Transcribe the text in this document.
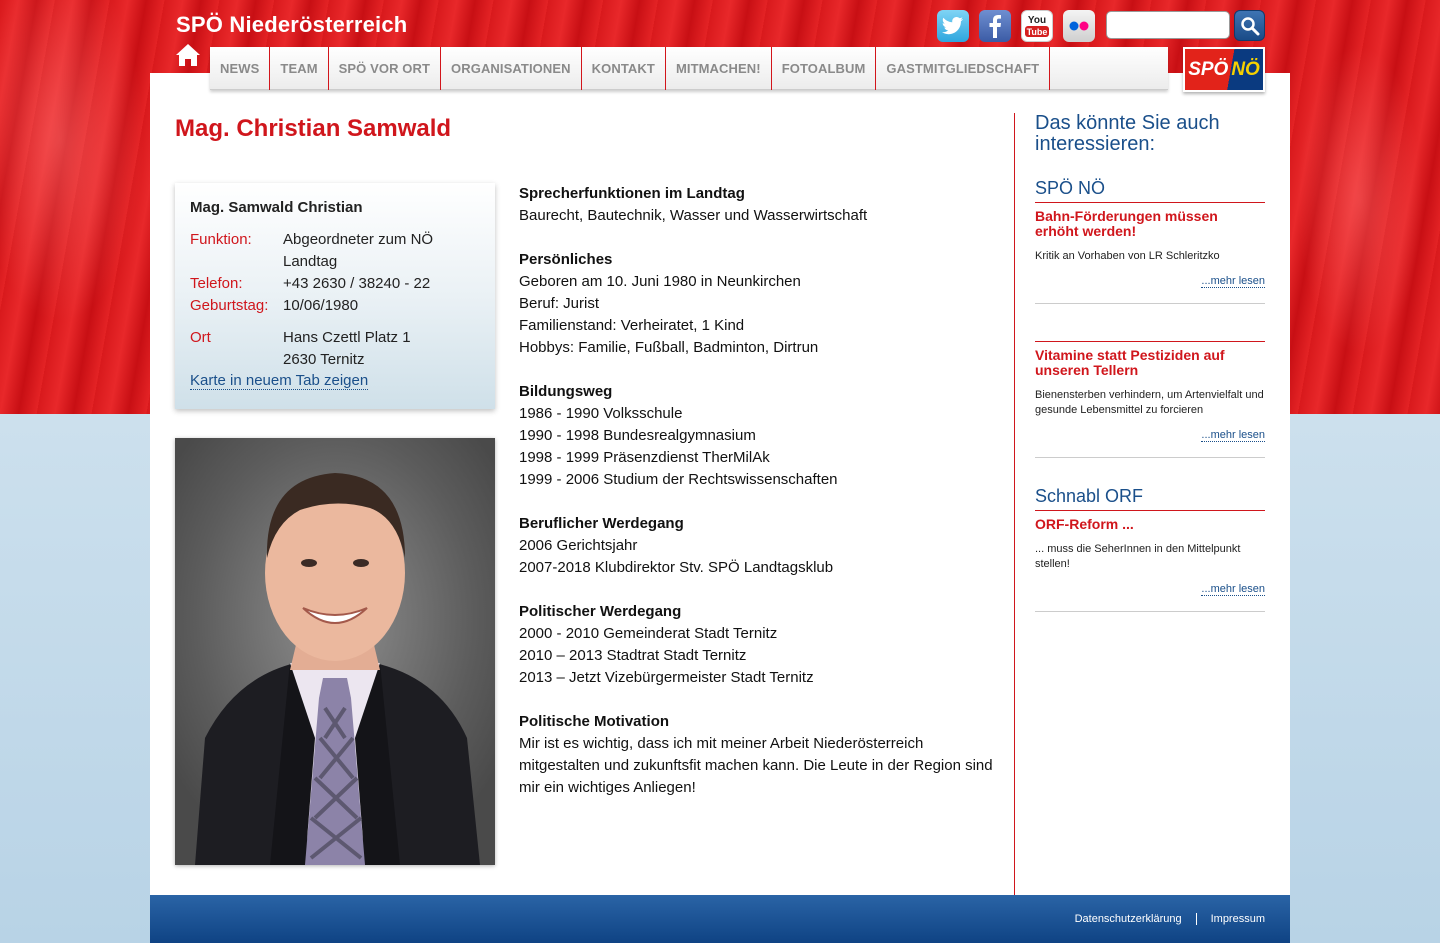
SPÖ Niederösterreich	You
Tube
NEWS	TEAM	SPÖ VOR ORT	ORGANISATIONEN	KONTAKT	MITMACHEN!	FOTOALBUM	GASTMITGLIEDSCHAFT	SPÖ NÖ
Mag. Christian Samwald
Mag. Samwald Christian
Funktion:	Abgeordneter zum NÖ
Landtag
Telefon:	+43 2630 / 38240 - 22
Geburtstag: 10/06/1980
Ort	Hans Czettl Platz 1
2630 Ternitz
Karte in neuem Tab zeigen
Sprecherfunktionen im Landtag
Baurecht, Bautechnik, Wasser und Wasserwirtschaft
Persönliches
Geboren am 10. Juni 1980 in Neunkirchen
Beruf: Jurist
Familienstand: Verheiratet, 1 Kind
Hobbys: Familie, Fußball, Badminton, Dirtrun
Bildungsweg
1986 - 1990 Volksschule
1990 - 1998 Bundesrealgymnasium
1998 - 1999 Präsenzdienst TherMilAk
1999 - 2006 Studium der Rechtswissenschaften
Beruflicher Werdegang
2006 Gerichtsjahr
2007-2018 Klubdirektor Stv. SPÖ Landtagsklub
Politischer Werdegang
2000 - 2010 Gemeinderat Stadt Ternitz
2010 – 2013 Stadtrat Stadt Ternitz
2013 – Jetzt Vizebürgermeister Stadt Ternitz
Politische Motivation
Mir ist es wichtig, dass ich mit meiner Arbeit Niederösterreich mitgestalten und zukunftsfit machen kann. Die Leute in der Region sind mir ein wichtiges Anliegen!
Das könnte Sie auch interessieren:
SPÖ NÖ
Bahn-Förderungen müssen erhöht werden!
Kritik an Vorhaben von LR Schleritzko
...mehr lesen
Vitamine statt Pestiziden auf unseren Tellern
Bienensterben verhindern, um Artenvielfalt und gesunde Lebensmittel zu forcieren
...mehr lesen
Schnabl ORF
ORF-Reform ...
... muss die SeherInnen in den Mittelpunkt stellen!
...mehr lesen
Datenschutzerklärung	Impressum
